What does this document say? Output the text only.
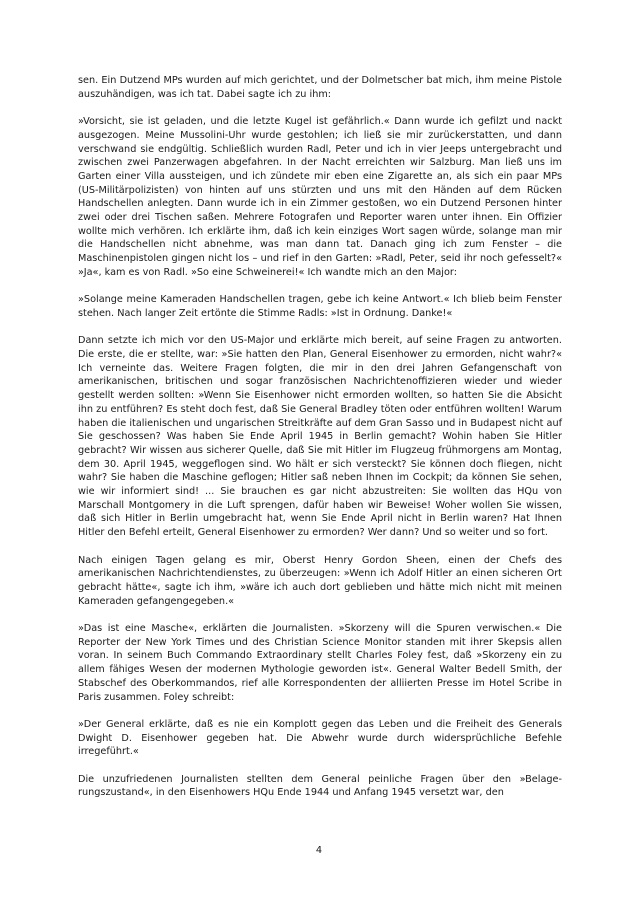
sen. Ein Dutzend MPs wurden auf mich gerichtet, und der Dolmetscher bat mich, ihm meine Pistole auszuhändigen, was ich tat. Dabei sagte ich zu ihm:

»Vorsicht, sie ist geladen, und die letzte Kugel ist gefährlich.« Dann wurde ich gefilzt und nackt ausgezogen. Meine Mussolini-Uhr wurde gestohlen; ich ließ sie mir zurückerstatten, und dann verschwand sie endgültig. Schließlich wurden Radl, Peter und ich in vier Jeeps untergebracht und zwischen zwei Panzerwagen abgefahren. In der Nacht erreichten wir Salzburg. Man ließ uns im Garten einer Villa aussteigen, und ich zündete mir eben eine Zigarette an, als sich ein paar MPs (US-Militärpolizisten) von hinten auf uns stürzten und uns mit den Händen auf dem Rücken Handschellen anlegten. Dann wurde ich in ein Zimmer gestoßen, wo ein Dutzend Personen hinter zwei oder drei Tischen saßen. Mehrere Fotografen und Reporter waren unter ihnen. Ein Offizier wollte mich verhören. Ich erklärte ihm, daß ich kein einziges Wort sagen würde, solange man mir die Handschellen nicht abnehme, was man dann tat. Danach ging ich zum Fenster – die Maschinenpistolen gingen nicht los – und rief in den Garten: »Radl, Peter, seid ihr noch gefesselt?« »Ja«, kam es von Radl. »So eine Schweinerei!« Ich wandte mich an den Major:

»Solange meine Kameraden Handschellen tragen, gebe ich keine Antwort.« Ich blieb beim Fenster stehen. Nach langer Zeit ertönte die Stimme Radls: »Ist in Ordnung. Danke!«

Dann setzte ich mich vor den US-Major und erklärte mich bereit, auf seine Fragen zu antworten. Die erste, die er stellte, war: »Sie hatten den Plan, General Eisenhower zu ermorden, nicht wahr?« Ich verneinte das. Weitere Fragen folgten, die mir in den drei Jahren Gefangenschaft von amerikanischen, britischen und sogar französischen Nachrichtenoffizieren wieder und wieder gestellt werden sollten: »Wenn Sie Eisenhower nicht ermorden wollten, so hatten Sie die Absicht ihn zu entführen? Es steht doch fest, daß Sie General Bradley töten oder entführen wollten! Warum haben die italienischen und ungarischen Streitkräfte auf dem Gran Sasso und in Budapest nicht auf Sie geschossen? Was haben Sie Ende April 1945 in Berlin gemacht? Wohin haben Sie Hitler gebracht? Wir wissen aus sicherer Quelle, daß Sie mit Hitler im Flugzeug frühmorgens am Montag, dem 30. April 1945, weggeflogen sind. Wo hält er sich versteckt? Sie können doch fliegen, nicht wahr? Sie haben die Maschine geflogen; Hitler saß neben Ihnen im Cockpit; da können Sie sehen, wie wir informiert sind! ... Sie brauchen es gar nicht abzustreiten: Sie wollten das HQu von Marschall Montgomery in die Luft sprengen, dafür haben wir Beweise! Woher wollen Sie wissen, daß sich Hitler in Berlin umgebracht hat, wenn Sie Ende April nicht in Berlin waren? Hat Ihnen Hitler den Befehl erteilt, General Eisenhower zu ermorden? Wer dann? Und so weiter und so fort.

Nach einigen Tagen gelang es mir, Oberst Henry Gordon Sheen, einen der Chefs des amerikanischen Nachrichtendienstes, zu überzeugen: »Wenn ich Adolf Hitler an einen sicheren Ort gebracht hätte«, sagte ich ihm, »wäre ich auch dort geblieben und hätte mich nicht mit meinen Kameraden gefangengegeben.«

»Das ist eine Masche«, erklärten die Journalisten. »Skorzeny will die Spuren verwischen.« Die Reporter der New York Times und des Christian Science Monitor standen mit ihrer Skepsis allen voran. In seinem Buch Commando Extraordinary stellt Charles Foley fest, daß »Skorzeny ein zu allem fähiges Wesen der modernen Mythologie geworden ist«. General Walter Bedell Smith, der Stabschef des Oberkommandos, rief alle Korrespondenten der alliierten Presse im Hotel Scribe in Paris zusammen. Foley schreibt:

»Der General erklärte, daß es nie ein Komplott gegen das Leben und die Freiheit des Generals Dwight D. Eisenhower gegeben hat. Die Abwehr wurde durch widersprüchliche Befehle irregeführt.«

Die unzufriedenen Journalisten stellten dem General peinliche Fragen über den »Belagerungszustand«, in den Eisenhowers HQu Ende 1944 und Anfang 1945 versetzt war, den

4
